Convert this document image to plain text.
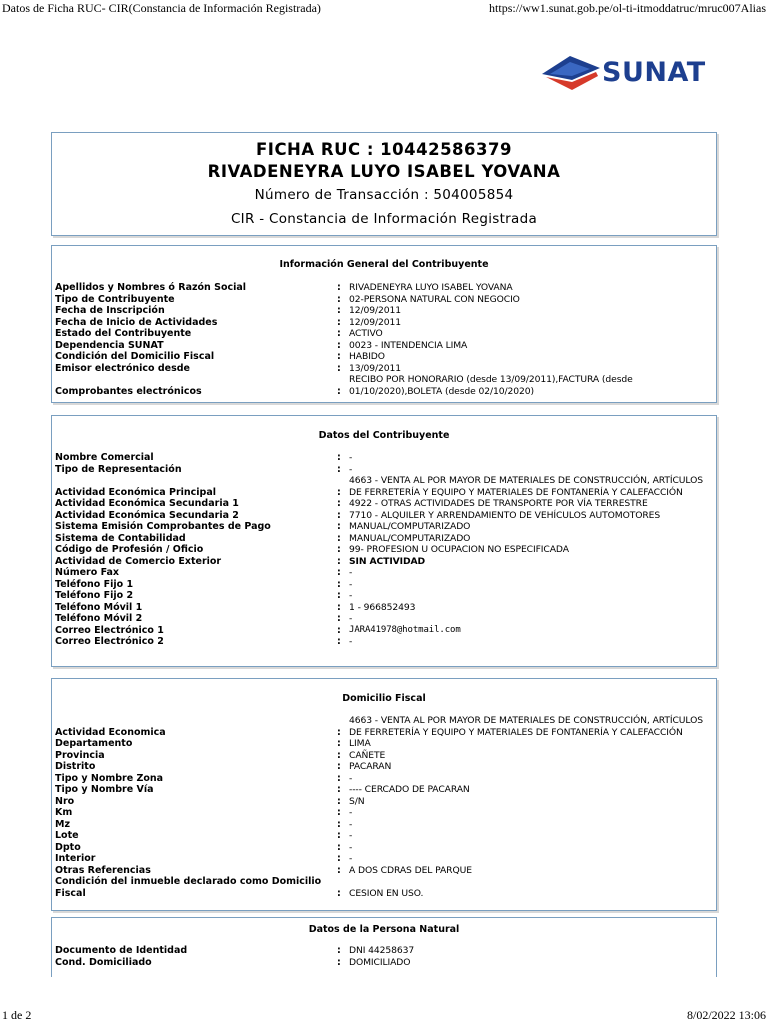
Datos de Ficha RUC- CIR(Constancia de Información Registrada)	https://ww1.sunat.gob.pe/ol-ti-itmoddatruc/mruc007Alias
SUNAT
FICHA RUC : 10442586379
RIVADENEYRA LUYO ISABEL YOVANA
Número de Transacción : 504005854
CIR - Constancia de Información Registrada
Información General del Contribuyente
Apellidos y Nombres ó Razón Social	: RIVADENEYRA LUYO ISABEL YOVANA
Tipo de Contribuyente	: 02-PERSONA NATURAL CON NEGOCIO
Fecha de Inscripción	: 12/09/2011
Fecha de Inicio de Actividades	: 12/09/2011
Estado del Contribuyente	: ACTIVO
Dependencia SUNAT	: 0023 - INTENDENCIA LIMA
Condición del Domicilio Fiscal	: HABIDO
Emisor electrónico desde	: 13/09/2011
Comprobantes electrónicos	:
RECIBO POR HONORARIO (desde 13/09/2011),FACTURA (desde 01/10/2020),BOLETA (desde 02/10/2020)
Datos del Contribuyente
Nombre Comercial	: -
Tipo de Representación	: -
Actividad Económica Principal	:
4663 - VENTA AL POR MAYOR DE MATERIALES DE CONSTRUCCIÓN, ARTÍCULOS DE FERRETERÍA Y EQUIPO Y MATERIALES DE FONTANERÍA Y CALEFACCIÓN
Actividad Económica Secundaria 1	: 4922 - OTRAS ACTIVIDADES DE TRANSPORTE POR VÍA TERRESTRE
Actividad Económica Secundaria 2	: 7710 - ALQUILER Y ARRENDAMIENTO DE VEHÍCULOS AUTOMOTORES
Sistema Emisión Comprobantes de Pago	: MANUAL/COMPUTARIZADO
Sistema de Contabilidad	: MANUAL/COMPUTARIZADO
Código de Profesión / Oficio	: 99- PROFESION U OCUPACION NO ESPECIFICADA
Actividad de Comercio Exterior	: SIN ACTIVIDAD
Número Fax	: -
Teléfono Fijo 1	: -
Teléfono Fijo 2	: -
Teléfono Móvil 1	: 1 - 966852493
Teléfono Móvil 2	: -
Correo Electrónico 1	: JARA41978@hotmail.com
Correo Electrónico 2	: -
Domicilio Fiscal
Actividad Economica	:
4663 - VENTA AL POR MAYOR DE MATERIALES DE CONSTRUCCIÓN, ARTÍCULOS DE FERRETERÍA Y EQUIPO Y MATERIALES DE FONTANERÍA Y CALEFACCIÓN
Departamento	: LIMA
Provincia	: CAÑETE
Distrito	: PACARAN
Tipo y Nombre Zona	: -
Tipo y Nombre Vía	: ---- CERCADO DE PACARAN
Nro	: S/N
Km	: -
Mz	: -
Lote	: -
Dpto	: -
Interior	: -
Otras Referencias	: A DOS CDRAS DEL PARQUE
Condición del inmueble declarado como Domicilio Fiscal	: CESION EN USO.
Datos de la Persona Natural
Documento de Identidad	: DNI 44258637
Cond. Domiciliado	: DOMICILIADO
1 de 2	8/02/2022 13:06
